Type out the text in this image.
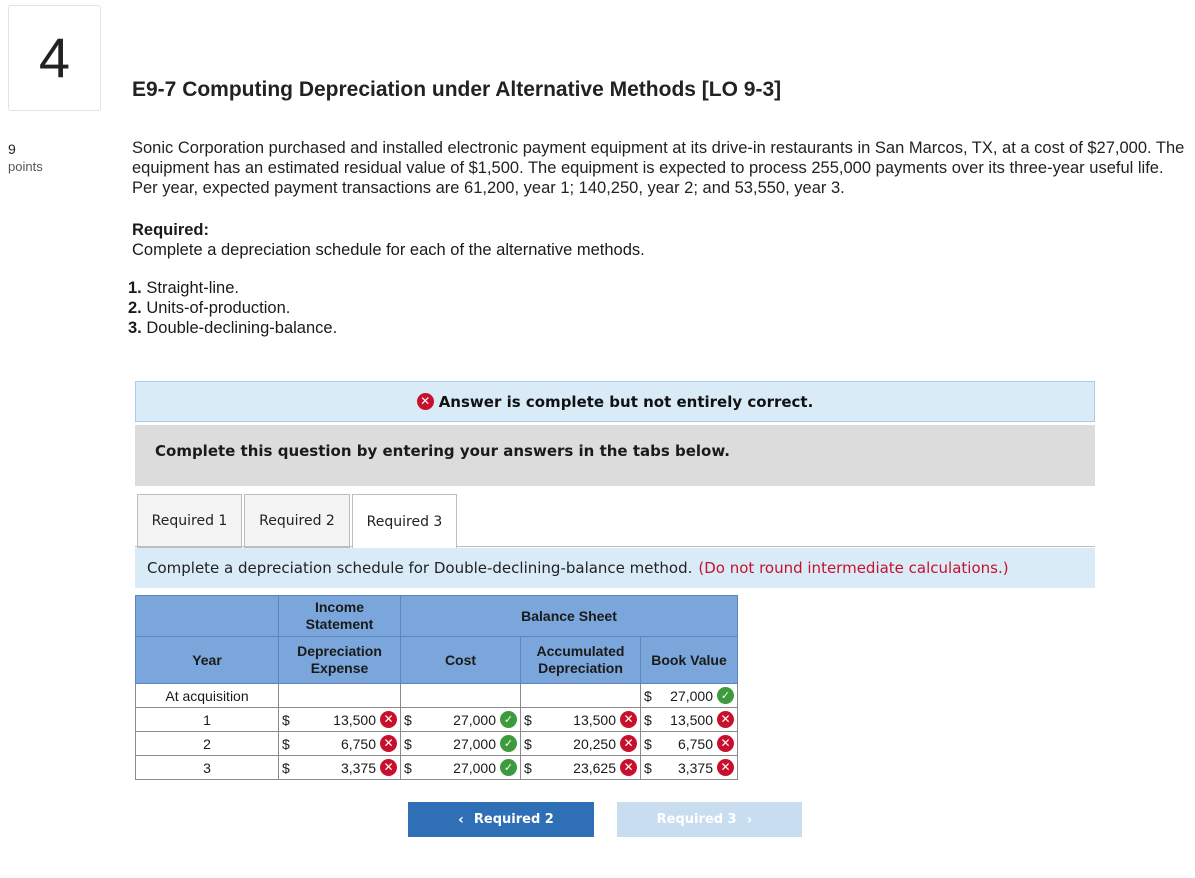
4
9
points
E9-7 Computing Depreciation under Alternative Methods [LO 9-3]
Sonic Corporation purchased and installed electronic payment equipment at its drive-in restaurants in San Marcos, TX, at a cost of $27,000. The equipment has an estimated residual value of $1,500. The equipment is expected to process 255,000 payments over its three-year useful life. Per year, expected payment transactions are 61,200, year 1; 140,250, year 2; and 53,550, year 3.
Required:
Complete a depreciation schedule for each of the alternative methods.
1. Straight-line.
2. Units-of-production.
3. Double-declining-balance.
✕ Answer is complete but not entirely correct.
Complete this question by entering your answers in the tabs below.
Required 1	Required 2	Required 3
Complete a depreciation schedule for Double-declining-balance method. (Do not round intermediate calculations.)
	Income Statement	Balance Sheet		
Year	Depreciation Expense	Cost	Accumulated Depreciation	Book Value
At acquisition				$ 27,000 ✓

1	$ 13,500 ✕	$ 27,000 ✓	$ 13,500 ✕	$ 13,500 ✕

2	$ 6,750 ✕	$ 27,000 ✓	$ 20,250 ✕	$ 6,750 ✕

3	$ 3,375 ✕	$ 27,000 ✓	$ 23,625 ✕	$ 3,375 ✕
‹ Required 2	Required 3 ›
